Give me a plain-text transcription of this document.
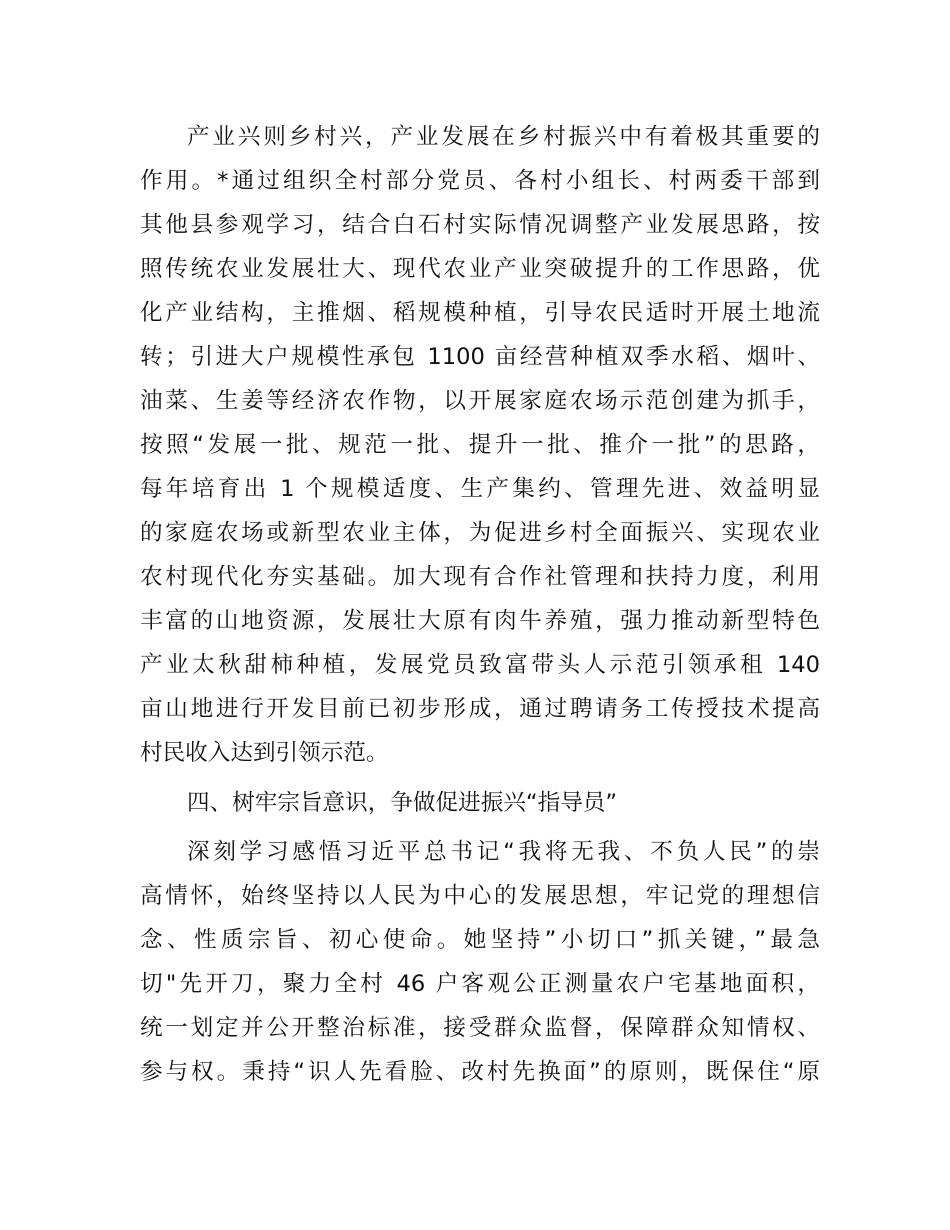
产业兴则乡村兴，产业发展在乡村振兴中有着极其重要的
作用。*通过组织全村部分党员、各村小组长、村两委干部到
其他县参观学习，结合白石村实际情况调整产业发展思路，按
照传统农业发展壮大、现代农业产业突破提升的工作思路，优
化产业结构，主推烟、稻规模种植，引导农民适时开展土地流
转；引进大户规模性承包 1100 亩经营种植双季水稻、烟叶、
油菜、生姜等经济农作物，以开展家庭农场示范创建为抓手，
按照“发展一批、规范一批、提升一批、推介一批”的思路，
每年培育出 1 个规模适度、生产集约、管理先进、效益明显
的家庭农场或新型农业主体，为促进乡村全面振兴、实现农业
农村现代化夯实基础。加大现有合作社管理和扶持力度，利用
丰富的山地资源，发展壮大原有肉牛养殖，强力推动新型特色
产业太秋甜柿种植，发展党员致富带头人示范引领承租 140
亩山地进行开发目前已初步形成，通过聘请务工传授技术提高
村民收入达到引领示范。
四、树牢宗旨意识，争做促进振兴“指导员”
深刻学习感悟习近平总书记“我将无我、不负人民”的崇
高情怀，始终坚持以人民为中心的发展思想，牢记党的理想信
念、性质宗旨、初心使命。她坚持”小切口”抓关键，”最急
切"先开刀，聚力全村 46 户客观公正测量农户宅基地面积，
统一划定并公开整治标准，接受群众监督，保障群众知情权、
参与权。秉持“识人先看脸、改村先换面”的原则，既保住“原
